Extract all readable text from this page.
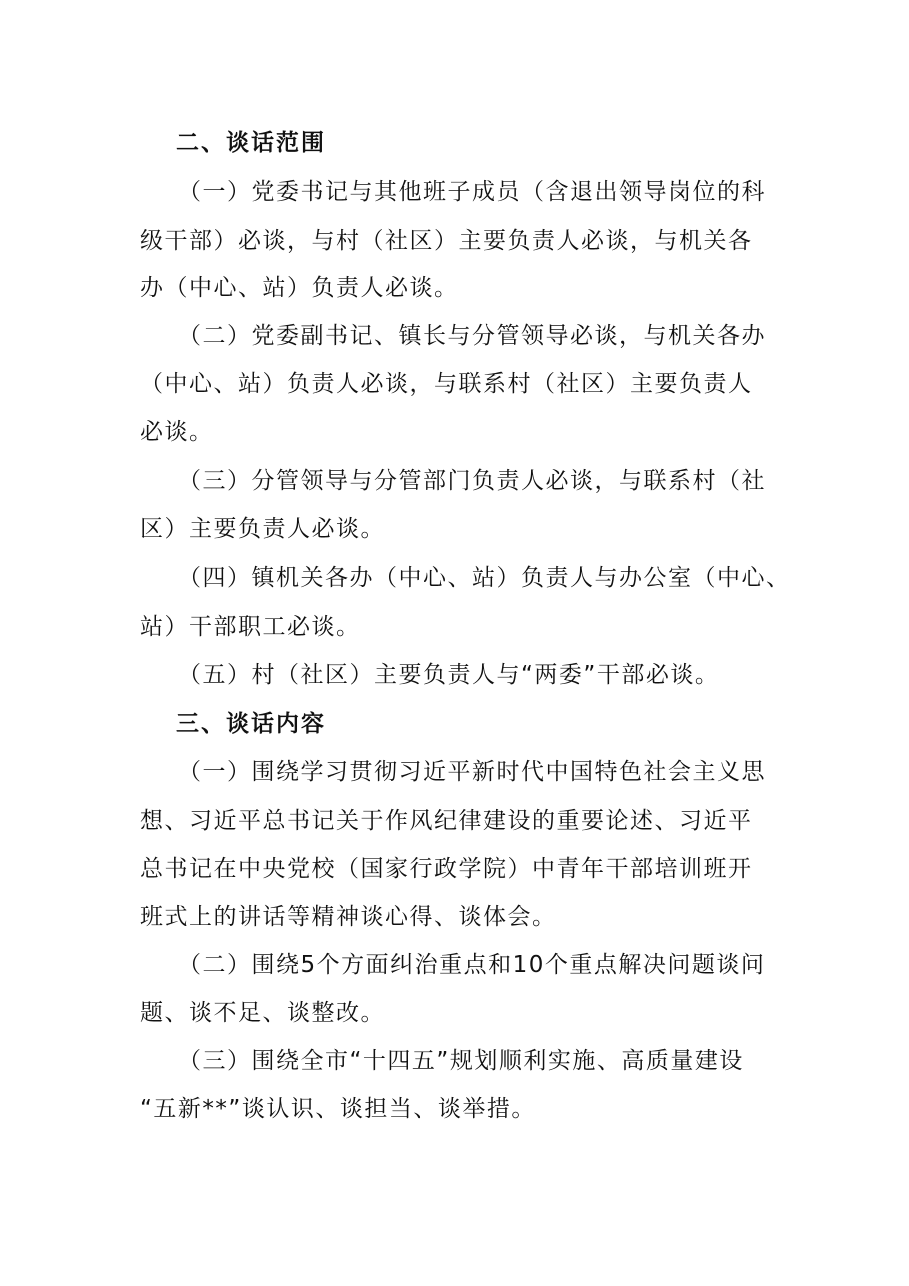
二、谈话范围
（一）党委书记与其他班子成员（含退出领导岗位的科
级干部）必谈，与村（社区）主要负责人必谈，与机关各
办（中心、站）负责人必谈。
（二）党委副书记、镇长与分管领导必谈，与机关各办
（中心、站）负责人必谈，与联系村（社区）主要负责人
必谈。
（三）分管领导与分管部门负责人必谈，与联系村（社
区）主要负责人必谈。
（四）镇机关各办（中心、站）负责人与办公室（中心、
站）干部职工必谈。
（五）村（社区）主要负责人与“两委”干部必谈。
三、谈话内容
（一）围绕学习贯彻习近平新时代中国特色社会主义思
想、习近平总书记关于作风纪律建设的重要论述、习近平
总书记在中央党校（国家行政学院）中青年干部培训班开
班式上的讲话等精神谈心得、谈体会。
（二）围绕5个方面纠治重点和10个重点解决问题谈问
题、谈不足、谈整改。
（三）围绕全市“十四五”规划顺利实施、高质量建设
“五新**”谈认识、谈担当、谈举措。
